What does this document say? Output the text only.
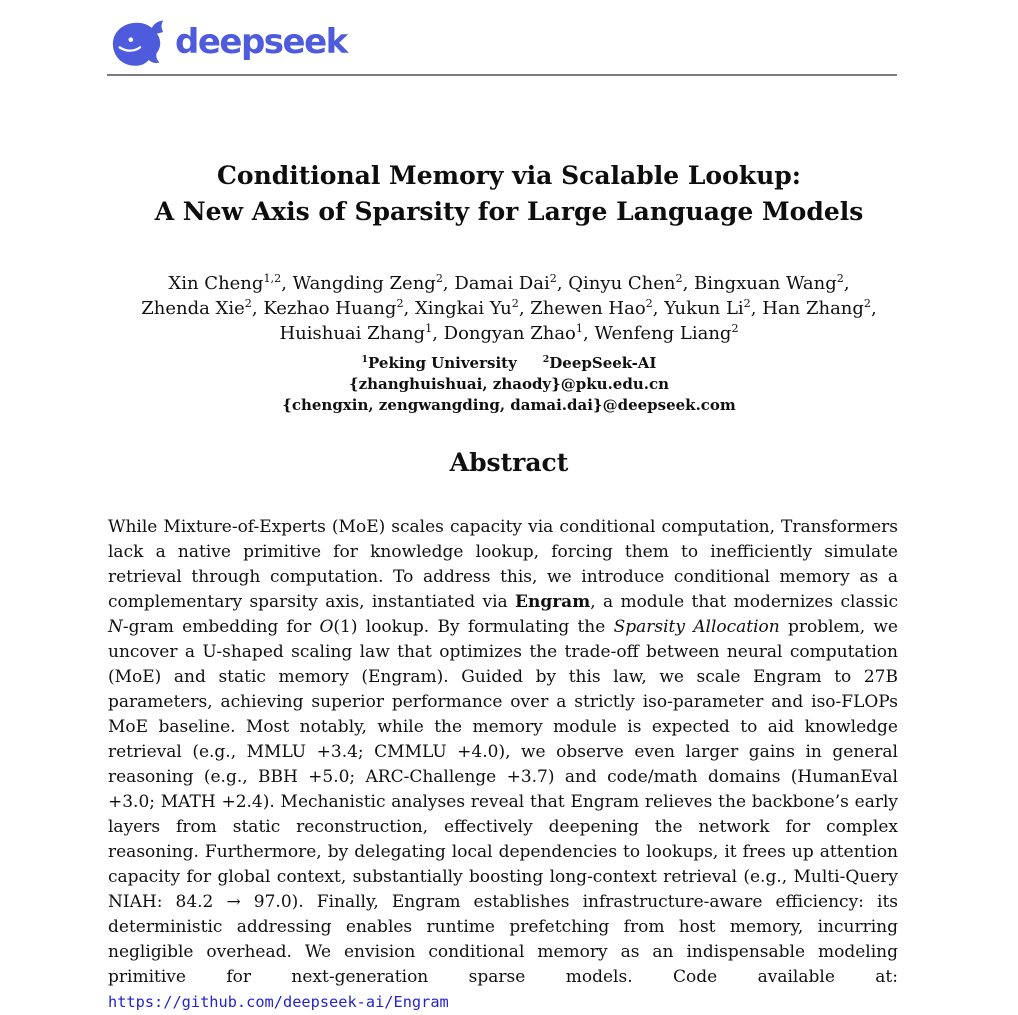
deepseek
Conditional Memory via Scalable Lookup:
A New Axis of Sparsity for Large Language Models
Xin Cheng$^{1,2}$, Wangding Zeng$^2$, Damai Dai$^2$, Qinyu Chen$^2$, Bingxuan Wang$^2$,
Zhenda Xie$^2$, Kezhao Huang$^2$, Xingkai Yu$^2$, Zhewen Hao$^2$, Yukun Li$^2$, Han Zhang$^2$,
Huishuai Zhang$^1$, Dongyan Zhao$^1$, Wenfeng Liang$^2$
$^1$Peking University	$^2$DeepSeek-AI
{zhanghuishuai, zhaody}@pku.edu.cn
{chengxin, zengwangding, damai.dai}@deepseek.com
Abstract
While Mixture-of-Experts (MoE) scales capacity via conditional computation, Transformers lack a native primitive for knowledge lookup, forcing them to inefficiently simulate retrieval through computation. To address this, we introduce conditional memory as a complementary sparsity axis, instantiated via Engram, a module that modernizes classic N-gram embedding for O(1) lookup. By formulating the Sparsity Allocation problem, we uncover a U-shaped scaling law that optimizes the trade-off between neural computation (MoE) and static memory (Engram). Guided by this law, we scale Engram to 27B parameters, achieving superior performance over a strictly iso-parameter and iso-FLOPs MoE baseline. Most notably, while the memory module is expected to aid knowledge retrieval (e.g., MMLU +3.4; CMMLU +4.0), we observe even larger gains in general reasoning (e.g., BBH +5.0; ARC-Challenge +3.7) and code/math domains (HumanEval +3.0; MATH +2.4). Mechanistic analyses reveal that Engram relieves the backbone’s early layers from static reconstruction, effectively deepening the network for complex reasoning. Furthermore, by delegating local dependencies to lookups, it frees up attention capacity for global context, substantially boosting long-context retrieval (e.g., Multi-Query NIAH: 84.2 → 97.0). Finally, Engram establishes infrastructure-aware efficiency: its deterministic addressing enables runtime prefetching from host memory, incurring negligible overhead. We envision conditional memory as an indispensable modeling primitive for next-generation sparse models. Code available at: https://github.com/deepseek-ai/Engram
